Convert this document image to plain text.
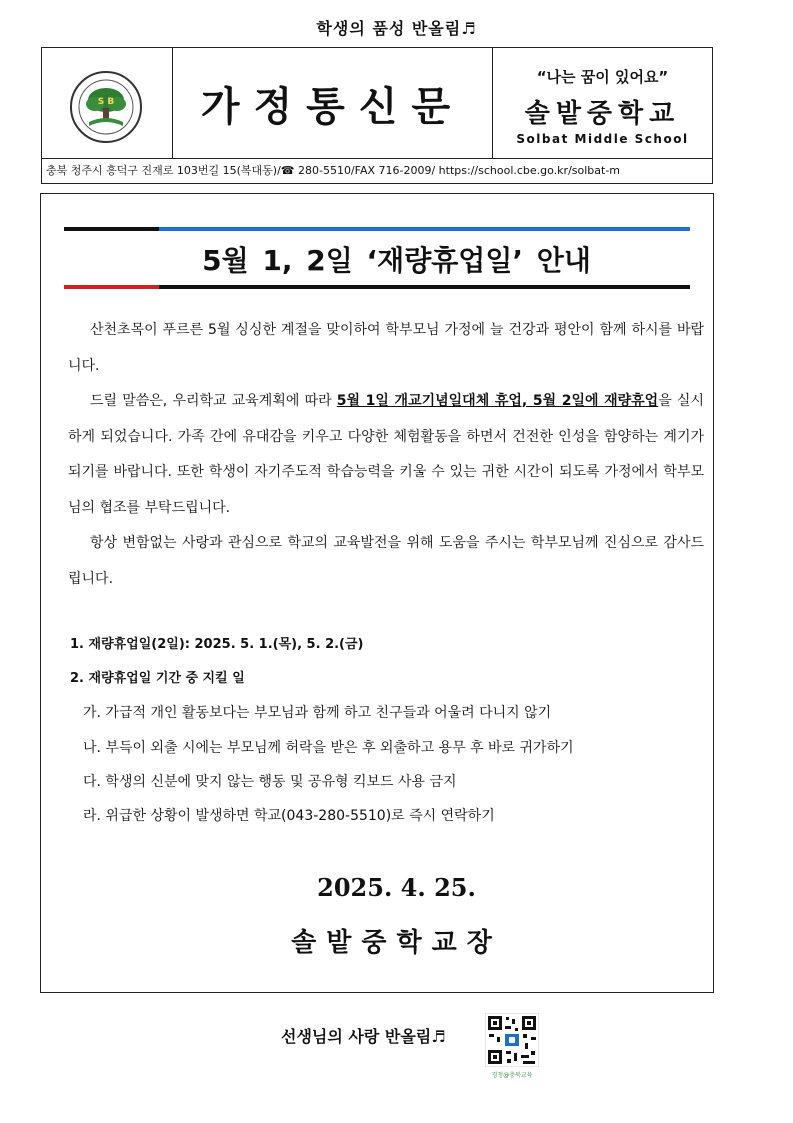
학생의 품성 반올림♬
S B	가정통신문
“나는 꿈이 있어요”
솔밭중학교
Solbat Middle School
충북 청주시 흥덕구 진재로 103번길 15(복대동)/☎ 280-5510/FAX 716-2009/ https://school.cbe.go.kr/solbat-m
5월 1, 2일 ‘재량휴업일’ 안내

산천초목이 푸르른 5월 싱싱한 계절을 맞이하여 학부모님 가정에 늘 건강과 평안이 함께 하시를 바랍니다.

드릴 말씀은, 우리학교 교육계획에 따라 5월 1일 개교기념일대체 휴업, 5월 2일에 재량휴업을 실시하게 되었습니다. 가족 간에 유대감을 키우고 다양한 체험활동을 하면서 건전한 인성을 함양하는 계기가 되기를 바랍니다. 또한 학생이 자기주도적 학습능력을 키울 수 있는 귀한 시간이 되도록 가정에서 학부모님의 협조를 부탁드립니다.

항상 변함없는 사랑과 관심으로 학교의 교육발전을 위해 도움을 주시는 학부모님께 진심으로 감사드립니다.

1. 재량휴업일(2일): 2025. 5. 1.(목), 5. 2.(금)
2. 재량휴업일 기간 중 지킬 일
가. 가급적 개인 활동보다는 부모님과 함께 하고 친구들과 어울려 다니지 않기
나. 부득이 외출 시에는 부모님께 허락을 받은 후 외출하고 용무 후 바로 귀가하기
다. 학생의 신분에 맞지 않는 행동 및 공유형 킥보드 사용 금지
라. 위급한 상황이 발생하면 학교(043-280-5510)로 즉시 연락하기
2025. 4. 25.
솔밭중학교장
선생님의 사랑 반올림♬
경청@충북교육
